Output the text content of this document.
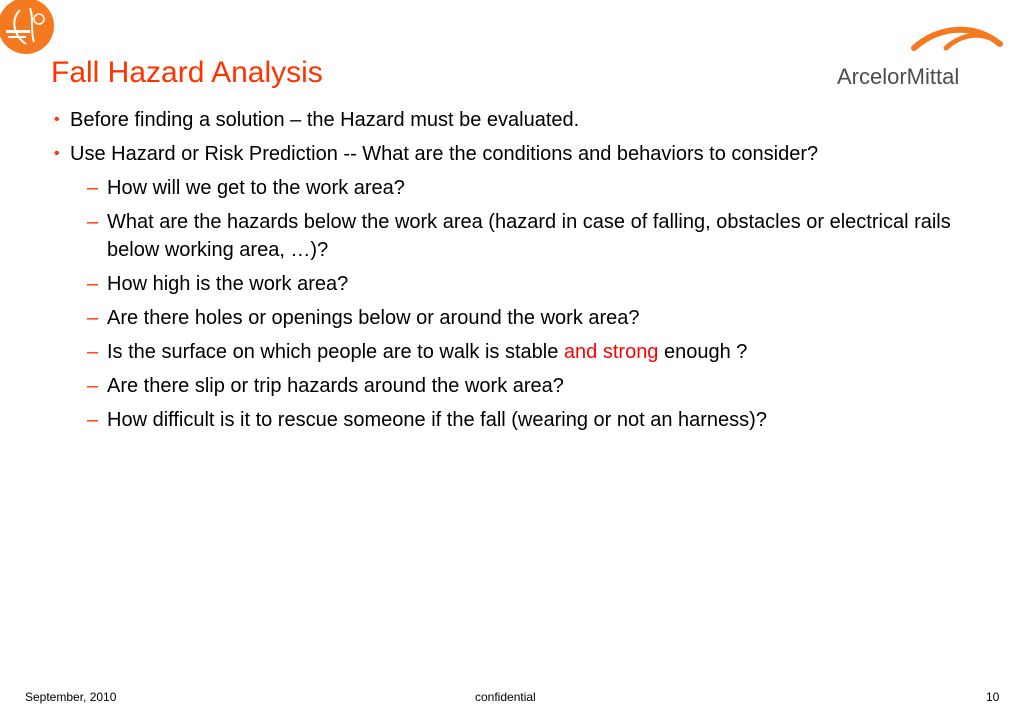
ArcelorMittal
Fall Hazard Analysis
• Before finding a solution – the Hazard must be evaluated.
• Use Hazard or Risk Prediction -- What are the conditions and behaviors to consider?
– How will we get to the work area?
– What are the hazards below the work area (hazard in case of falling, obstacles or electrical rails below working area, …)?
– How high is the work area?
– Are there holes or openings below or around the work area?
– Is the surface on which people are to walk is stable and strong enough ?
– Are there slip or trip hazards around the work area?
– How difficult is it to rescue someone if the fall (wearing or not an harness)?
September, 2010	confidential	10
